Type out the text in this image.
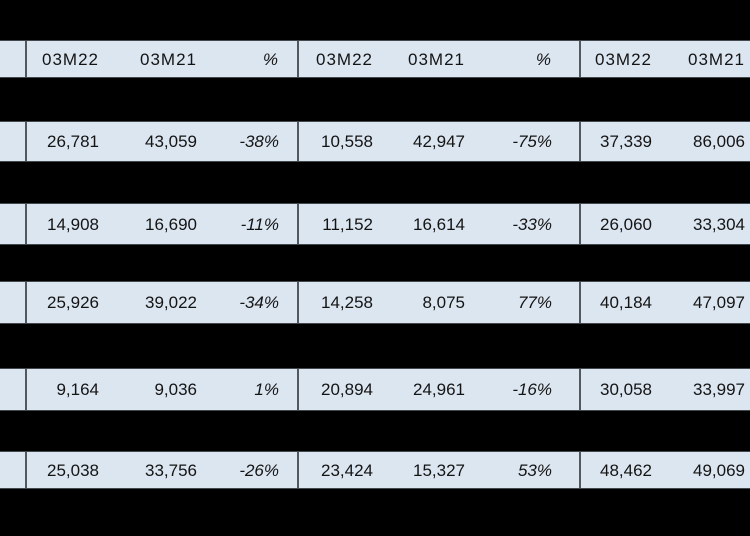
03M22	03M21	%	03M22	03M21	%	03M22	03M21
26,781	43,059	-38%	10,558	42,947	-75%	37,339	86,006
14,908	16,690	-11%	11,152	16,614	-33%	26,060	33,304
25,926	39,022	-34%	14,258	8,075	77%	40,184	47,097
9,164	9,036	1%	20,894	24,961	-16%	30,058	33,997
25,038	33,756	-26%	23,424	15,327	53%	48,462	49,069
